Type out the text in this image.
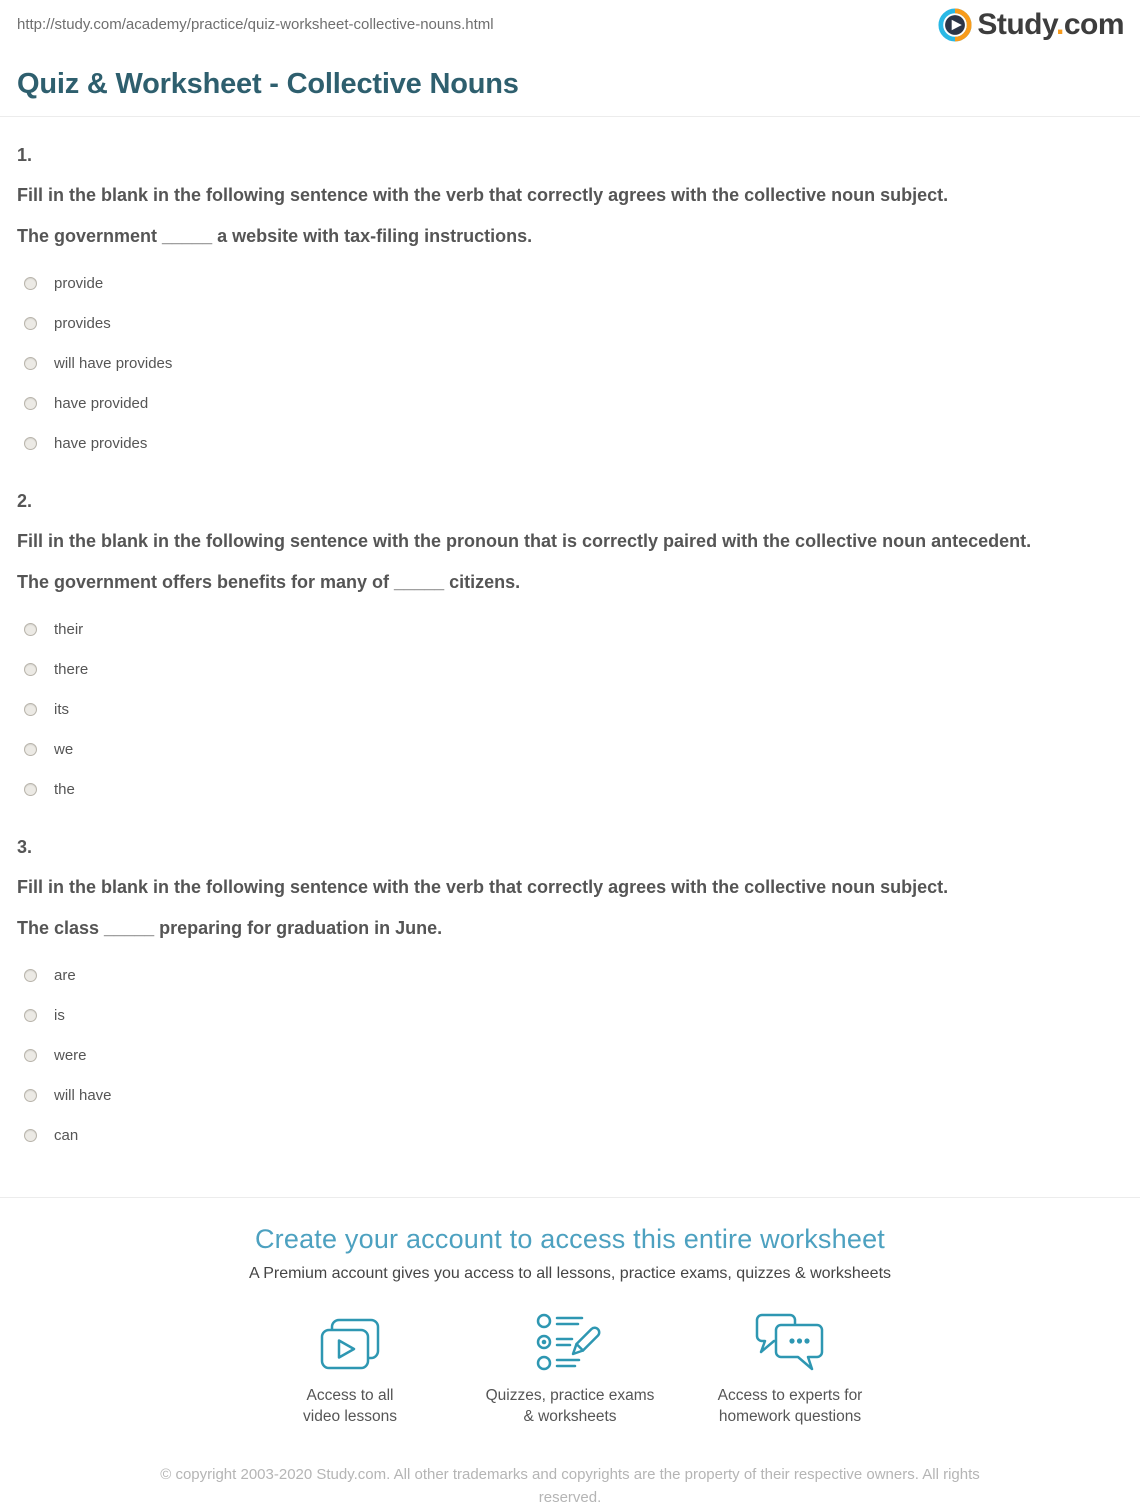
http://study.com/academy/practice/quiz-worksheet-collective-nouns.html	Study.com
Quiz & Worksheet - Collective Nouns
1.

Fill in the blank in the following sentence with the verb that correctly agrees with the collective noun subject.

The government _____ a website with tax-filing instructions.

provide
provides
will have provides
have provided
have provides
2.

Fill in the blank in the following sentence with the pronoun that is correctly paired with the collective noun antecedent.

The government offers benefits for many of _____ citizens.

their
there
its
we
the
3.

Fill in the blank in the following sentence with the verb that correctly agrees with the collective noun subject.

The class _____ preparing for graduation in June.

are
is
were
will have
can
Create your account to access this entire worksheet

A Premium account gives you access to all lessons, practice exams, quizzes & worksheets

Access to all
video lessons
Quizzes, practice exams
& worksheets
Access to experts for
homework questions

© copyright 2003-2020 Study.com. All other trademarks and copyrights are the property of their respective owners. All rights reserved.
